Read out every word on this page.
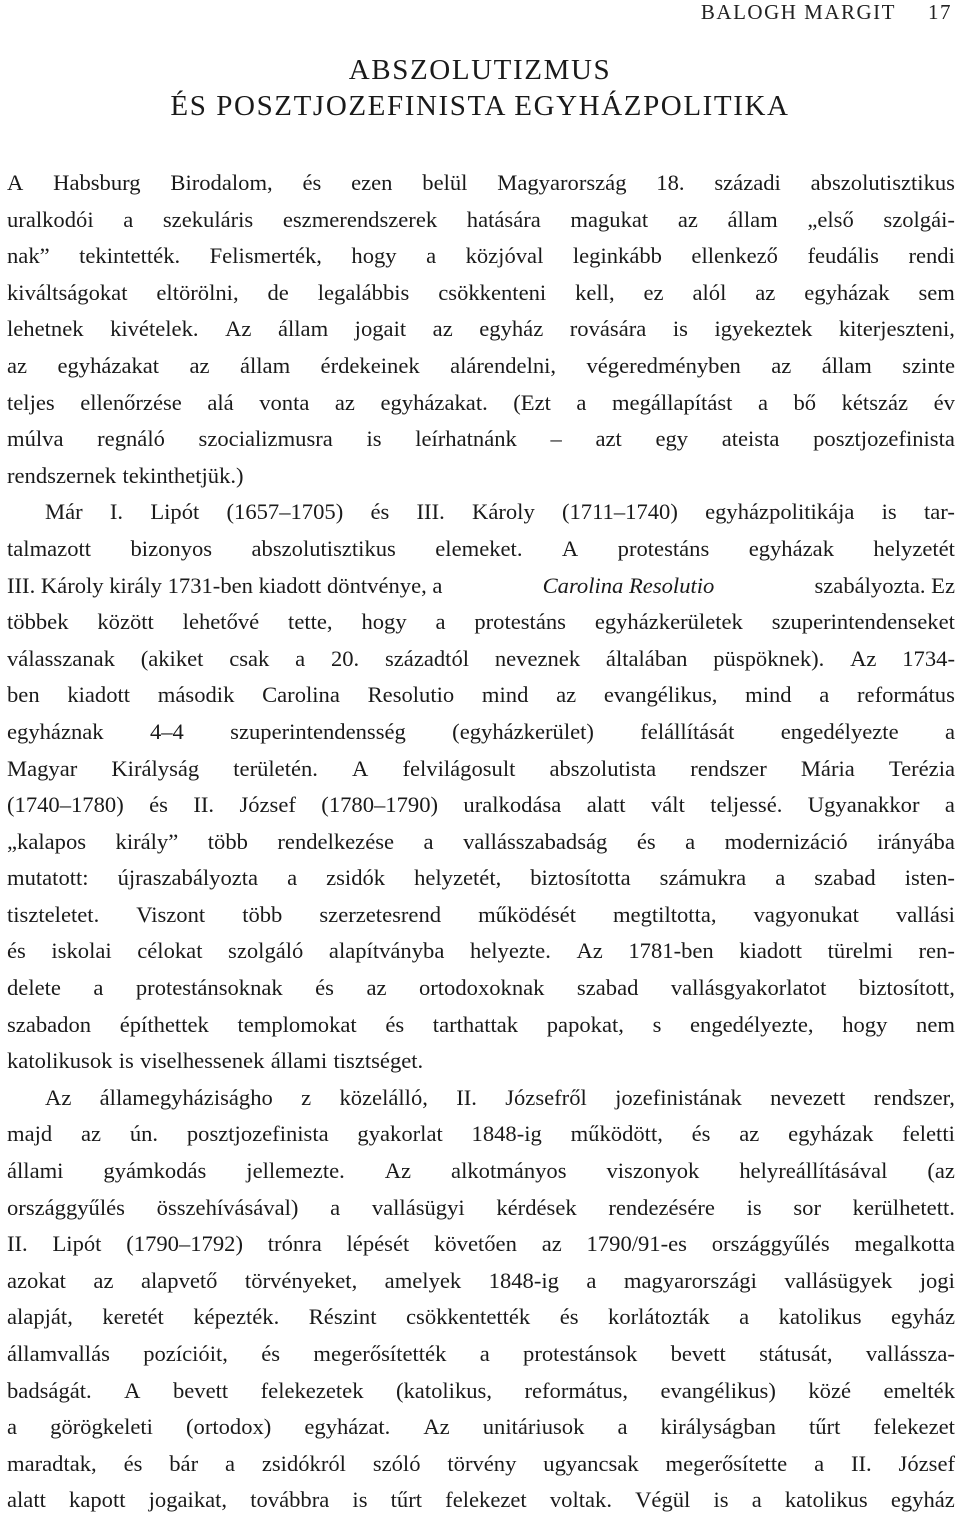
BALOGH MARGIT 17
ABSZOLUTIZMUS
ÉS POSZTJOZEFINISTA EGYHÁZPOLITIKA
A Habsburg Birodalom, és ezen belül Magyarország 18. századi abszolutisztikus
uralkodói a szekuláris eszmerendszerek hatására magukat az állam „első szolgái-
nak” tekintették. Felismerték, hogy a közjóval leginkább ellenkező feudális rendi
kiváltságokat eltörölni, de legalábbis csökkenteni kell, ez alól az egyházak sem
lehetnek kivételek. Az állam jogait az egyház rovására is igyekeztek kiterjeszteni,
az egyházakat az állam érdekeinek alárendelni, végeredményben az állam szinte
teljes ellenőrzése alá vonta az egyházakat. (Ezt a megállapítást a bő kétszáz év
múlva regnáló szocializmusra is leírhatnánk – azt egy ateista posztjozefinista
rendszernek tekinthetjük.)
Már I. Lipót (1657–1705) és III. Károly (1711–1740) egyházpolitikája is tar-
talmazott bizonyos abszolutisztikus elemeket. A protestáns egyházak helyzetét
III. Károly király 1731-ben kiadott döntvénye, a	Carolina Resolutio	szabályozta. Ez
többek között lehetővé tette, hogy a protestáns egyházkerületek szuperintendenseket
válasszanak (akiket csak a 20. századtól neveznek általában püspöknek). Az 1734-
ben kiadott második Carolina Resolutio mind az evangélikus, mind a református
egyháznak 4–4 szuperintendensség (egyházkerület) felállítását engedélyezte a
Magyar Királyság területén. A felvilágosult abszolutista rendszer Mária Terézia
(1740–1780) és II. József (1780–1790) uralkodása alatt vált teljessé. Ugyanakkor a
„kalapos király” több rendelkezése a vallásszabadság és a modernizáció irányába
mutatott: újraszabályozta a zsidók helyzetét, biztosította számukra a szabad isten-
tiszteletet. Viszont több szerzetesrend működését megtiltotta, vagyonukat vallási
és iskolai célokat szolgáló alapítványba helyezte. Az 1781-ben kiadott türelmi ren-
delete a protestánsoknak és az ortodoxoknak szabad vallásgyakorlatot biztosított,
szabadon építhettek templomokat és tarthattak papokat, s engedélyezte, hogy nem
katolikusok is viselhessenek állami tisztséget.
Az államegyháziságho z közelálló, II. Józsefről jozefinistának nevezett rendszer,
majd az ún. posztjozefinista gyakorlat 1848-ig működött, és az egyházak feletti
állami gyámkodás jellemezte. Az alkotmányos viszonyok helyreállításával (az
országgyűlés összehívásával) a vallásügyi kérdések rendezésére is sor kerülhetett.
II. Lipót (1790–1792) trónra lépését követően az 1790/91-es országgyűlés megalkotta
azokat az alapvető törvényeket, amelyek 1848-ig a magyarországi vallásügyek jogi
alapját, keretét képezték. Részint csökkentették és korlátozták a katolikus egyház
államvallás pozícióit, és megerősítették a protestánsok bevett státusát, vallássza-
badságát. A bevett felekezetek (katolikus, református, evangélikus) közé emelték
a görögkeleti (ortodox) egyházat. Az unitáriusok a királyságban tűrt felekezet
maradtak, és bár a zsidókról szóló törvény ugyancsak megerősítette a II. József
alatt kapott jogaikat, továbbra is tűrt felekezet voltak. Végül is a katolikus egyház
